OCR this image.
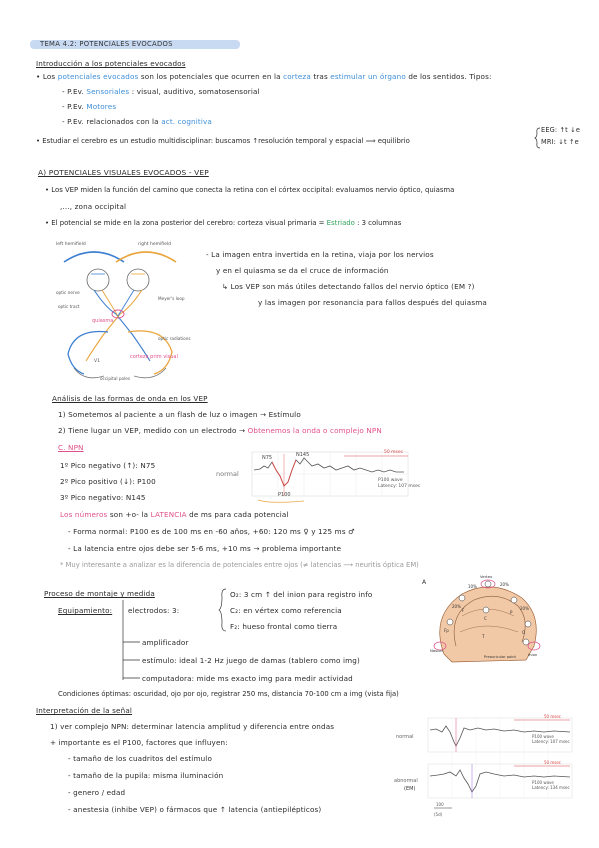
TEMA 4.2: POTENCIALES EVOCADOS
Introducción a los potenciales evocados
• Los potenciales evocados son los potenciales que ocurren en la corteza tras estimular un órgano de los sentidos. Tipos:
- P.Ev. Sensoriales : visual, auditivo, somatosensorial
- P.Ev. Motores
- P.Ev. relacionados con la act. cognitiva
• Estudiar el cerebro es un estudio multidisciplinar: buscamos ↑resolución temporal y espacial ⟹ equilibrio
EEG: ↑t ↓e
MRI: ↓t ↑e
A) POTENCIALES VISUALES EVOCADOS - VEP
• Los VEP miden la función del camino que conecta la retina con el córtex occipital: evaluamos nervio óptico, quiasma
,..., zona occipital
• El potencial se mide en la zona posterior del cerebro: corteza visual primaria = Estriado : 3 columnas
left hemifield	right hemifield
optic nerve
optic tract
Meyer's loop
quiasma
optic radiations
V1
corteza prim visual
occipital poles
- La imagen entra invertida en la retina, viaja por los nervios
y en el quiasma se da el cruce de información
↳ Los VEP son más útiles detectando fallos del nervio óptico (EM ?)
y las imagen por resonancia para fallos después del quiasma
Análisis de las formas de onda en los VEP
1) Sometemos al paciente a un flash de luz o imagen → Estímulo
2) Tiene lugar un VEP, medido con un electrodo → Obtenemos la onda o complejo NPN
C. NPN
1º Pico negativo (↑): N75
2º Pico positivo (↓): P100
3º Pico negativo: N145
normal
N75	N145
P100
50 msec
P100 wave
Latency: 107 msec
Los números son +o- la LATENCIA de ms para cada potencial
- Forma normal: P100 es de 100 ms en -60 años, +60: 120 ms ♀ y 125 ms ♂
- La latencia entre ojos debe ser 5-6 ms, +10 ms → problema importante
* Muy interesante a analizar es la diferencia de potenciales entre ojos (≠ latencias ⟶ neuritis óptica EM)
Proceso de montaje y medida
Equipamiento: electrodos: 3:
O₂: 3 cm ↑ del inion para registro info
C₂: en vértex como referencia
F₂: hueso frontal como tierra
amplificador
estímulo: ideal 1-2 Hz juego de damas (tablero como img)
computadora: mide ms exacto img para medir actividad
A
10%	20%
20%	20%
Vertex
Nasion
Inion
Preauricular point
Fp
F
C
P
O
T
Condiciones óptimas: oscuridad, ojo por ojo, registrar 250 ms, distancia 70-100 cm a img (vista fija)
Interpretación de la señal
1) ver complejo NPN: determinar latencia amplitud y diferencia entre ondas
+ importante es el P100, factores que influyen:
- tamaño de los cuadritos del estímulo
- tamaño de la pupila: misma iluminación
- genero / edad
- anestesia (inhibe VEP) o fármacos que ↑ latencia (antiepilépticos)
normal
abnormal
(EM)
50 msec
50 msec
P100 wave
Latency: 107 msec
P100 wave
Latency: 134 msec
100
(5d)
